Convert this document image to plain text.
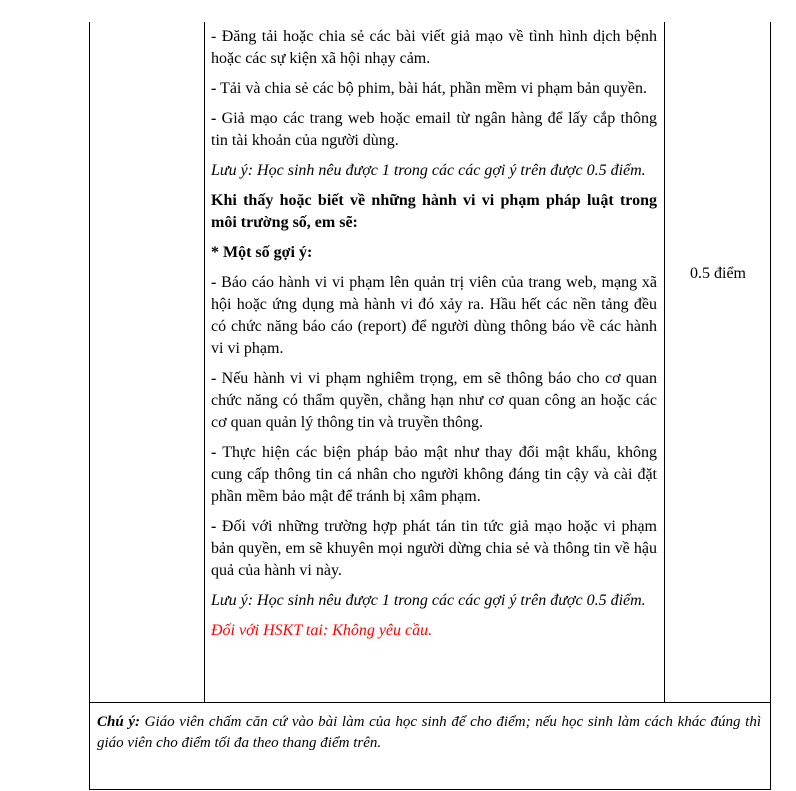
- Đăng tải hoặc chia sẻ các bài viết giả mạo về tình hình dịch bệnh hoặc các sự kiện xã hội nhạy cảm.

- Tải và chia sẻ các bộ phim, bài hát, phần mềm vi phạm bản quyền.

- Giả mạo các trang web hoặc email từ ngân hàng để lấy cắp thông tin tài khoản của người dùng.

Lưu ý: Học sinh nêu được 1 trong các các gợi ý trên được 0.5 điểm.

Khi thấy hoặc biết về những hành vi vi phạm pháp luật trong môi trường số, em sẽ:

* Một số gợi ý:

- Báo cáo hành vi vi phạm lên quản trị viên của trang web, mạng xã hội hoặc ứng dụng mà hành vi đó xảy ra. Hầu hết các nền tảng đều có chức năng báo cáo (report) để người dùng thông báo về các hành vi vi phạm.

- Nếu hành vi vi phạm nghiêm trọng, em sẽ thông báo cho cơ quan chức năng có thẩm quyền, chẳng hạn như cơ quan công an hoặc các cơ quan quản lý thông tin và truyền thông.

- Thực hiện các biện pháp bảo mật như thay đổi mật khẩu, không cung cấp thông tin cá nhân cho người không đáng tin cậy và cài đặt phần mềm bảo mật để tránh bị xâm phạm.

- Đối với những trường hợp phát tán tin tức giả mạo hoặc vi phạm bản quyền, em sẽ khuyên mọi người dừng chia sẻ và thông tin về hậu quả của hành vi này.

Lưu ý: Học sinh nêu được 1 trong các các gợi ý trên được 0.5 điểm.

Đối với HSKT tai: Không yêu cầu.

0.5 điểm
Chú ý: Giáo viên chấm căn cứ vào bài làm của học sinh để cho điểm; nếu học sinh làm cách khác đúng thì giáo viên cho điểm tối đa theo thang điểm trên.
